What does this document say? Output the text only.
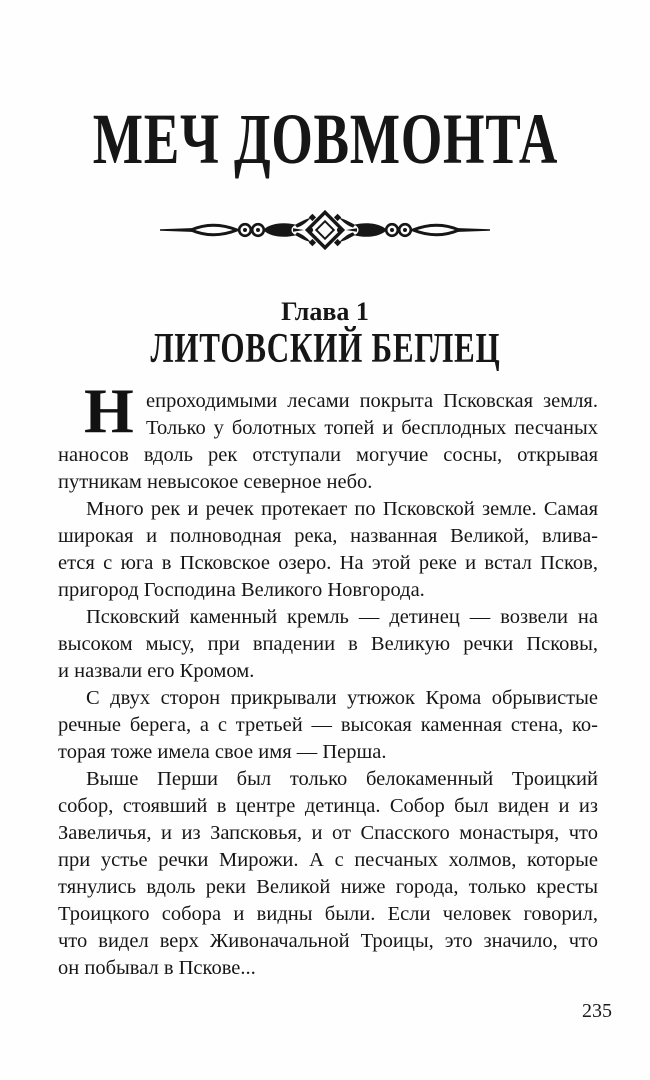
МЕЧ ДОВМОНТА
Глава 1
ЛИТОВСКИЙ БЕГЛЕЦ
Н епроходимыми лесами покрыта Псковская земля.
Только у болотных топей и бесплодных песчаных
наносов вдоль рек отступали могучие сосны, открывая
путникам невысокое северное небо.
Много рек и речек протекает по Псковской земле. Самая
широкая и полноводная река, названная Великой, влива-
ется с юга в Псковское озеро. На этой реке и встал Псков,
пригород Господина Великого Новгорода.
Псковский каменный кремль — детинец — возвели на
высоком мысу, при впадении в Великую речки Псковы,
и назвали его Кромом.
С двух сторон прикрывали утюжок Крома обрывистые
речные берега, а с третьей — высокая каменная стена, ко-
торая тоже имела свое имя — Перша.
Выше Перши был только белокаменный Троицкий
собор, стоявший в центре детинца. Собор был виден и из
Завеличья, и из Запсковья, и от Спасского монастыря, что
при устье речки Мирожи. А с песчаных холмов, которые
тянулись вдоль реки Великой ниже города, только кресты
Троицкого собора и видны были. Если человек говорил,
что видел верх Живоначальной Троицы, это значило, что
он побывал в Пскове...
235
